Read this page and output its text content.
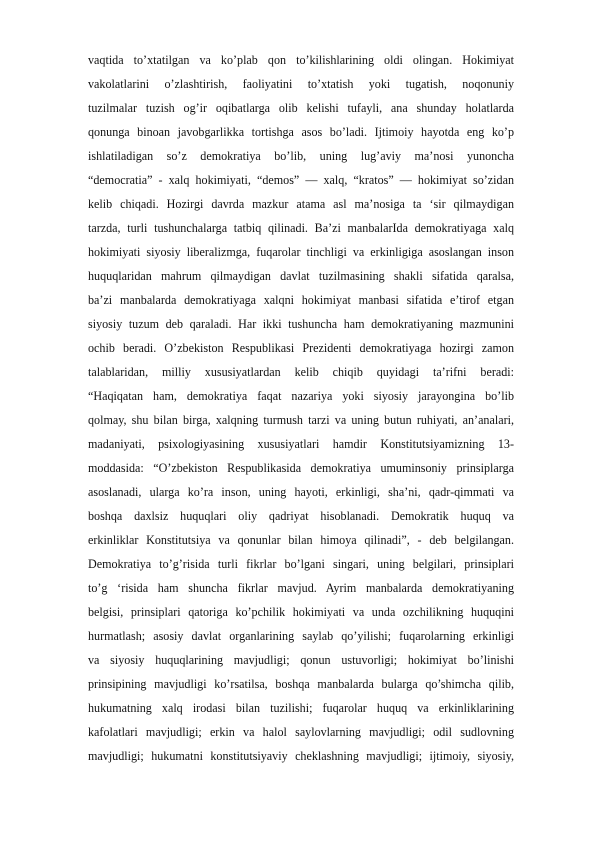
vaqtida to’xtatilgan va ko’plab qon to’kilishlarining oldi olingan. Hokimiyat
vakolatlarini o’zlashtirish, faoliyatini to’xtatish yoki tugatish, noqonuniy
tuzilmalar tuzish og’ir oqibatlarga olib kelishi tufayli, ana shunday holatlarda
qonunga binoan javobgarlikka tortishga asos bo’ladi. Ijtimoiy hayotda eng ko’p
ishlatiladigan so’z demokratiya bo’lib, uning lug’aviy ma’nosi yunoncha
“democratia” - xalq hokimiyati, “demos” — xalq, “kratos” — hokimiyat so’zidan
kelib chiqadi. Hozirgi davrda mazkur atama asl ma’nosiga ta ‘sir qilmaydigan
tarzda, turli tushunchalarga tatbiq qilinadi. Ba’zi manbalarІda demokratiyaga xalq
hokimiyati siyosiy liberalizmga, fuqarolar tinchligi va erkinligiga asoslangan inson
huquqlaridan mahrum qilmaydigan davlat tuzilmasining shakli sifatida qaralsa,
ba’zi manbalarda demokratiyaga xalqni hokimiyat manbasi sifatida e’tirof etgan
siyosiy tuzum deb qaraladi. Har ikki tushuncha ham demokratiyaning mazmunini
ochib beradi. O’zbekiston Respublikasi Prezidenti demokratiyaga hozirgi zamon
talablaridan, milliy xususiyatlardan kelib chiqib quyidagi ta’rifni beradi:
“Haqiqatan ham, demokratiya faqat nazariya yoki siyosiy jarayongina bo’lib
qolmay, shu bilan birga, xalqning turmush tarzi va uning butun ruhiyati, an’analari,
madaniyati, psixologiyasining xususiyatlari hamdir Konstitutsiyamizning 13-
moddasida: “O’zbekiston Respublikasida demokratiya umuminsoniy prinsiplarga
asoslanadi, ularga ko’ra inson, uning hayoti, erkinligi, sha’ni, qadr-qimmati va
boshqa daxlsiz huquqlari oliy qadriyat hisoblanadi. Demokratik huquq va
erkinliklar Konstitutsiya va qonunlar bilan himoya qilinadi”, - deb belgilangan.
Demokratiya to’g’risida turli fikrlar bo’lgani singari, uning belgilari, prinsiplari
to’g ‘risida ham shuncha fikrlar mavjud. Ayrim manbalarda demokratiyaning
belgisi, prinsiplari qatoriga ko’pchilik hokimiyati va unda ozchilikning huquqini
hurmatlash; asosiy davlat organlarining saylab qo’yilishi; fuqarolarning erkinligi
va siyosiy huquqlarining mavjudligi; qonun ustuvorligi; hokimiyat bo’linishi
prinsipining mavjudligi ko’rsatilsa, boshqa manbalarda bularga qo’shimcha qilib,
hukumatning xalq irodasi bilan tuzilishi; fuqarolar huquq va erkinliklarining
kafolatlari mavjudligi; erkin va halol saylovlarning mavjudligi; odil sudlovning
mavjudligi; hukumatni konstitutsiyaviy cheklashning mavjudligi; ijtimoiy, siyosiy,
